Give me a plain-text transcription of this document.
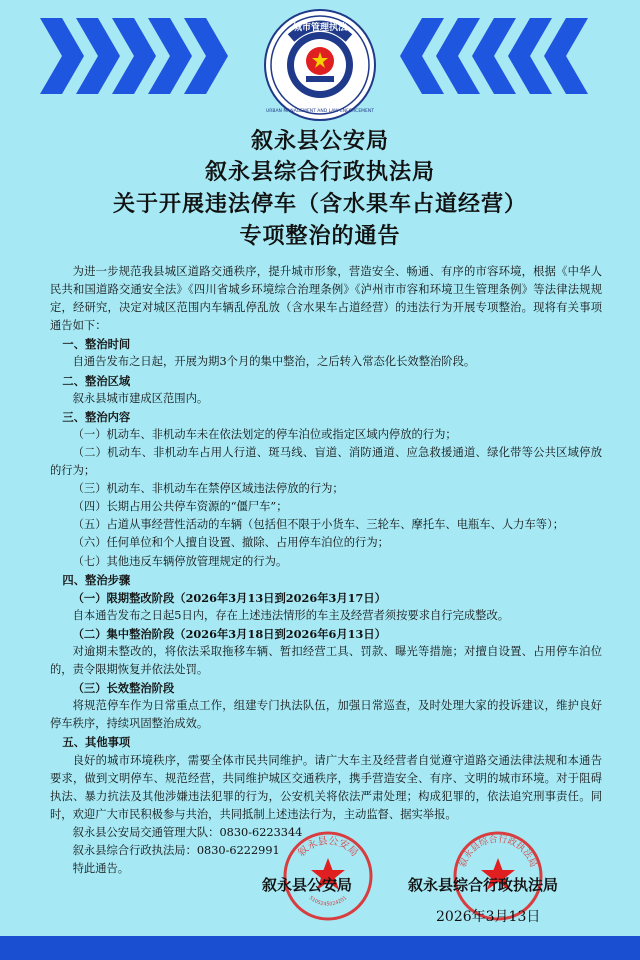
城市管理执法
URBAN MANAGEMENT AND LAW ENFORCEMENT
叙永县公安局
叙永县综合行政执法局
关于开展违法停车（含水果车占道经营）
专项整治的通告

为进一步规范我县城区道路交通秩序，提升城市形象，营造安全、畅通、有序的市容环境，根据《中华人民共和国道路交通安全法》《四川省城乡环境综合治理条例》《泸州市市容和环境卫生管理条例》等法律法规规定，经研究，决定对城区范围内车辆乱停乱放（含水果车占道经营）的违法行为开展专项整治。现将有关事项通告如下：

一、整治时间

自通告发布之日起，开展为期3个月的集中整治，之后转入常态化长效整治阶段。

二、整治区域

叙永县城市建成区范围内。

三、整治内容

（一）机动车、非机动车未在依法划定的停车泊位或指定区域内停放的行为；

（二）机动车、非机动车占用人行道、斑马线、盲道、消防通道、应急救援通道、绿化带等公共区域停放的行为；

（三）机动车、非机动车在禁停区域违法停放的行为；

（四）长期占用公共停车资源的“僵尸车”；

（五）占道从事经营性活动的车辆（包括但不限于小货车、三轮车、摩托车、电瓶车、人力车等）；

（六）任何单位和个人擅自设置、撤除、占用停车泊位的行为；

（七）其他违反车辆停放管理规定的行为。

四、整治步骤

（一）限期整改阶段（2026年3月13日到2026年3月17日）

自本通告发布之日起5日内，存在上述违法情形的车主及经营者须按要求自行完成整改。

（二）集中整治阶段（2026年3月18日到2026年6月13日）

对逾期未整改的，将依法采取拖移车辆、暂扣经营工具、罚款、曝光等措施；对擅自设置、占用停车泊位的，责令限期恢复并依法处罚。

（三）长效整治阶段

将规范停车作为日常重点工作，组建专门执法队伍，加强日常巡查，及时处理大家的投诉建议，维护良好停车秩序，持续巩固整治成效。

五、其他事项

良好的城市环境秩序，需要全体市民共同维护。请广大车主及经营者自觉遵守道路交通法律法规和本通告要求，做到文明停车、规范经营，共同维护城区交通秩序，携手营造安全、有序、文明的城市环境。对于阻碍执法、暴力抗法及其他涉嫌违法犯罪的行为，公安机关将依法严肃处理；构成犯罪的，依法追究刑事责任。同时，欢迎广大市民积极参与共治，共同抵制上述违法行为，主动监督、据实举报。

叙永县公安局交通管理大队：0830-6223344

叙永县综合行政执法局：0830-6222991

特此通告。

叙永县公安局
5105245024201
叙永县综合行政执法局
叙永县公安局	叙永县综合行政执法局
2026年3月13日
